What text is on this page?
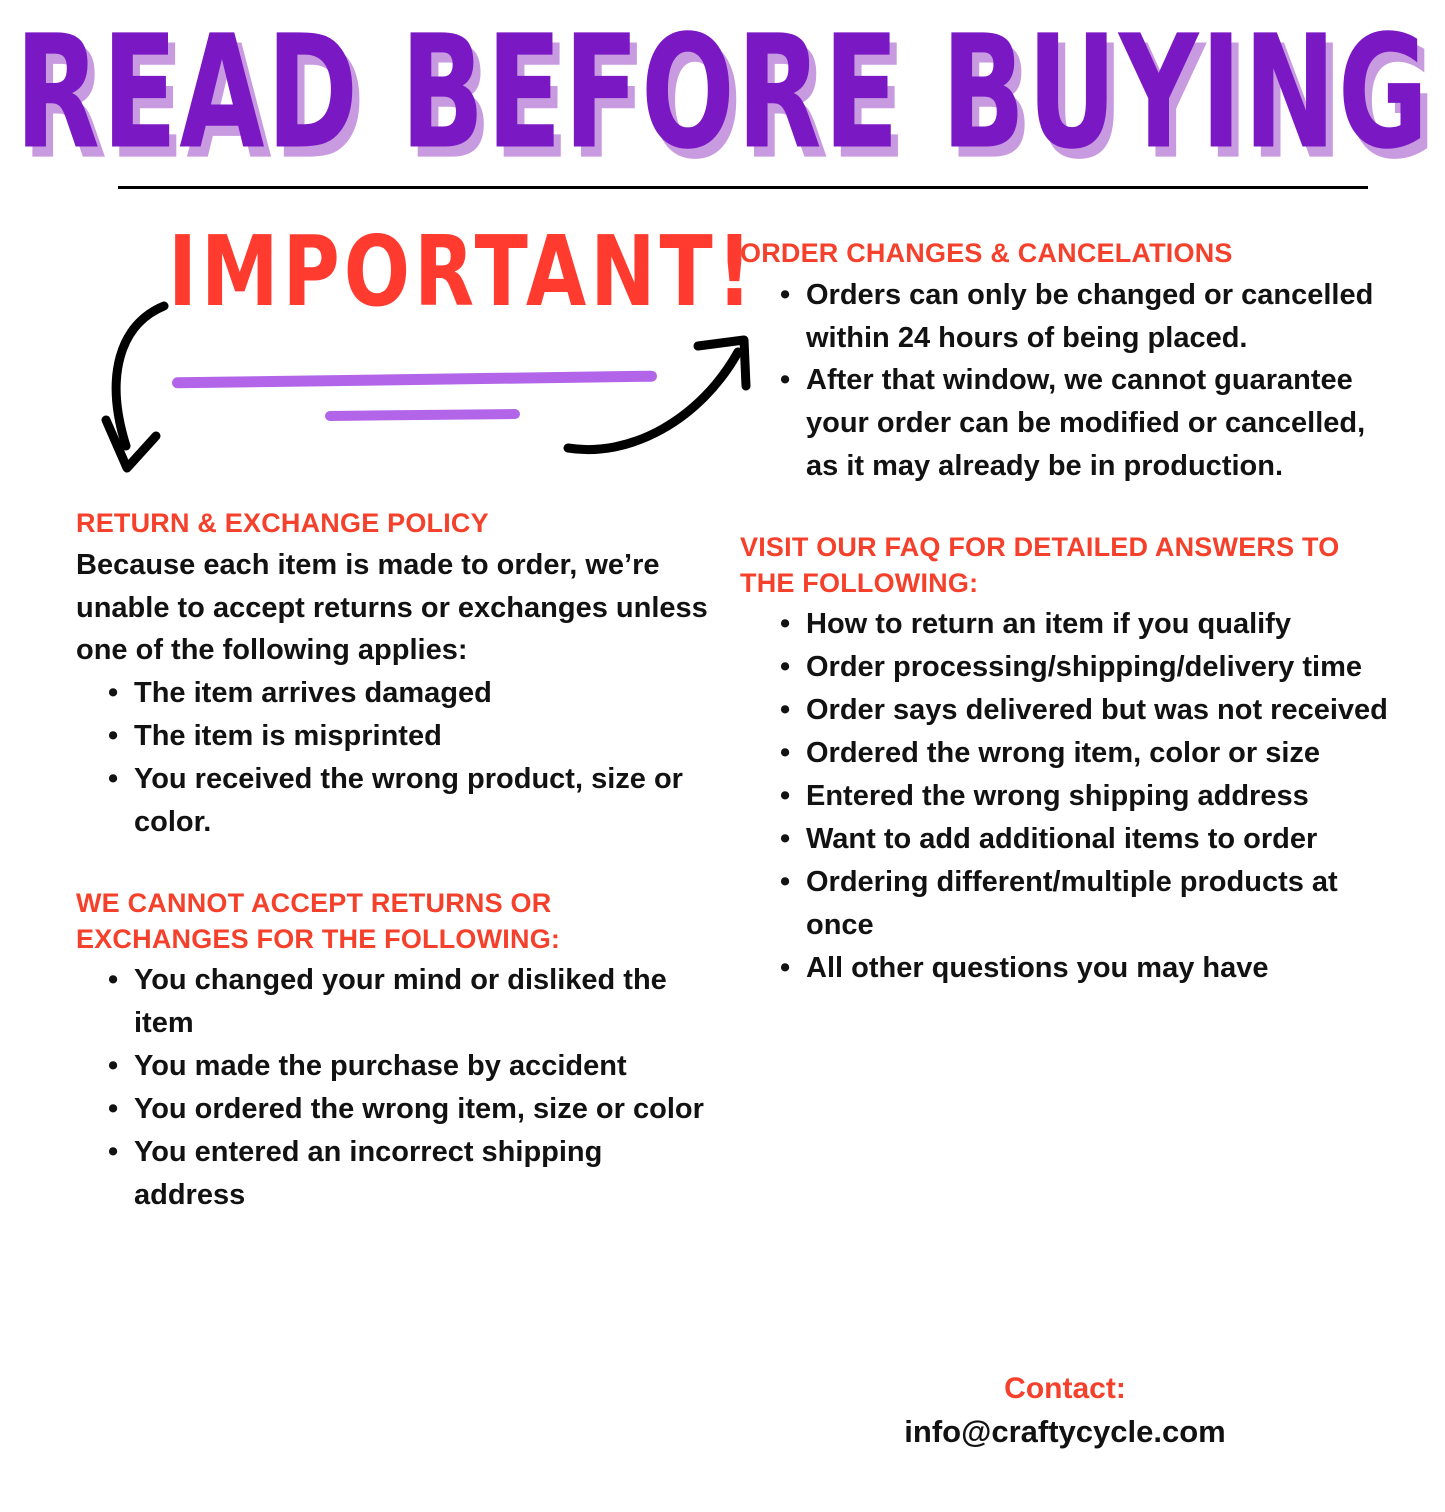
READ BEFORE BUYING
IMPORTANT!
RETURN & EXCHANGE POLICY

Because each item is made to order, we’re unable to accept returns or exchanges unless one of the following applies:

• The item arrives damaged
• The item is misprinted
• You received the wrong product, size or color.
WE CANNOT ACCEPT RETURNS OR EXCHANGES FOR THE FOLLOWING:
• You changed your mind or disliked the item
• You made the purchase by accident
• You ordered the wrong item, size or color
• You entered an incorrect shipping address
ORDER CHANGES & CANCELATIONS
• Orders can only be changed or cancelled within 24 hours of being placed.
• After that window, we cannot guarantee your order can be modified or cancelled, as it may already be in production.
VISIT OUR FAQ FOR DETAILED ANSWERS TO THE FOLLOWING:
• How to return an item if you qualify
• Order processing/shipping/delivery time
• Order says delivered but was not received
• Ordered the wrong item, color or size
• Entered the wrong shipping address
• Want to add additional items to order
• Ordering different/multiple products at once
• All other questions you may have
Contact:
info@craftycycle.com
